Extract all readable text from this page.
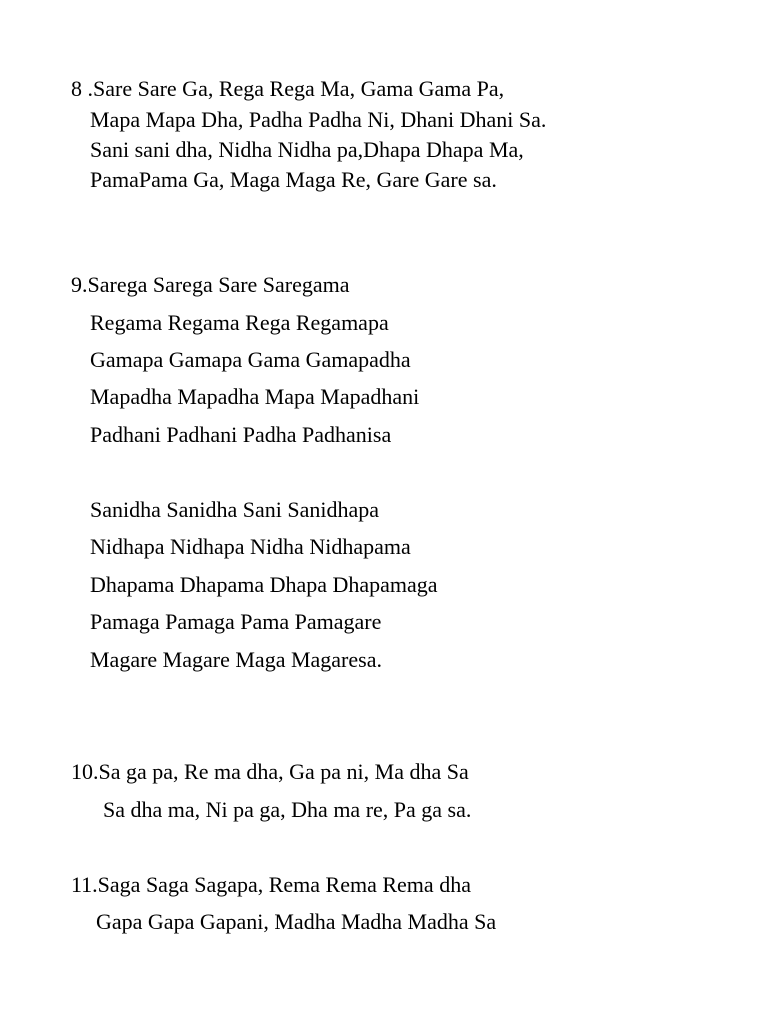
8 .Sare Sare Ga, Rega Rega Ma, Gama Gama Pa,
Mapa Mapa Dha, Padha Padha Ni, Dhani Dhani Sa.
Sani sani dha, Nidha Nidha pa,Dhapa Dhapa Ma,
PamaPama Ga, Maga Maga Re, Gare Gare sa.
9.Sarega Sarega Sare Saregama
Regama Regama Rega Regamapa
Gamapa Gamapa Gama Gamapadha
Mapadha Mapadha Mapa Mapadhani
Padhani Padhani Padha Padhanisa
Sanidha Sanidha Sani Sanidhapa
Nidhapa Nidhapa Nidha Nidhapama
Dhapama Dhapama Dhapa Dhapamaga
Pamaga Pamaga Pama Pamagare
Magare Magare Maga Magaresa.
10.Sa ga pa, Re ma dha, Ga pa ni, Ma dha Sa
Sa dha ma, Ni pa ga, Dha ma re, Pa ga sa.
11.Saga Saga Sagapa, Rema Rema Rema dha
Gapa Gapa Gapani, Madha Madha Madha Sa
